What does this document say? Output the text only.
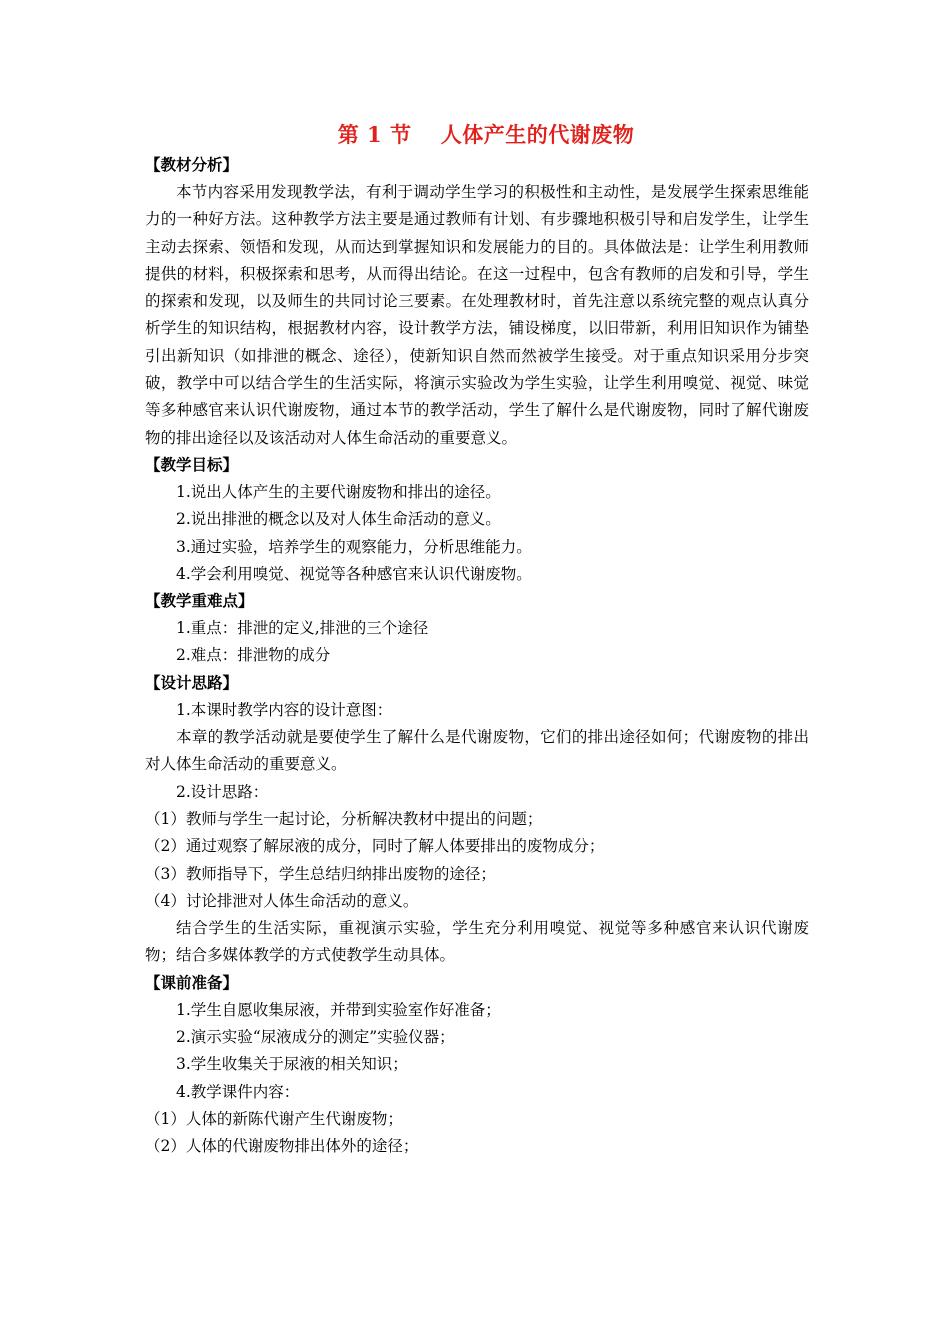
第 1 节　 人体产生的代谢废物

【教材分析】

本节内容采用发现教学法，有利于调动学生学习的积极性和主动性，是发展学生探索思维能力的一种好方法。这种教学方法主要是通过教师有计划、有步骤地积极引导和启发学生，让学生主动去探索、领悟和发现，从而达到掌握知识和发展能力的目的。具体做法是：让学生利用教师提供的材料，积极探索和思考，从而得出结论。在这一过程中，包含有教师的启发和引导，学生的探索和发现，以及师生的共同讨论三要素。在处理教材时，首先注意以系统完整的观点认真分析学生的知识结构，根据教材内容，设计教学方法，铺设梯度，以旧带新，利用旧知识作为铺垫引出新知识（如排泄的概念、途径），使新知识自然而然被学生接受。对于重点知识采用分步突破，教学中可以结合学生的生活实际，将演示实验改为学生实验，让学生利用嗅觉、视觉、味觉等多种感官来认识代谢废物，通过本节的教学活动，学生了解什么是代谢废物，同时了解代谢废物的排出途径以及该活动对人体生命活动的重要意义。

【教学目标】

1.说出人体产生的主要代谢废物和排出的途径。

2.说出排泄的概念以及对人体生命活动的意义。

3.通过实验，培养学生的观察能力，分析思维能力。

4.学会利用嗅觉、视觉等各种感官来认识代谢废物。

【教学重难点】

1.重点：排泄的定义,排泄的三个途径

2.难点：排泄物的成分

【设计思路】

1.本课时教学内容的设计意图：

本章的教学活动就是要使学生了解什么是代谢废物，它们的排出途径如何；代谢废物的排出对人体生命活动的重要意义。

2.设计思路：

（1）教师与学生一起讨论，分析解决教材中提出的问题；

（2）通过观察了解尿液的成分，同时了解人体要排出的废物成分；

（3）教师指导下，学生总结归纳排出废物的途径；

（4）讨论排泄对人体生命活动的意义。

结合学生的生活实际，重视演示实验，学生充分利用嗅觉、视觉等多种感官来认识代谢废物；结合多媒体教学的方式使教学生动具体。

【课前准备】

1.学生自愿收集尿液，并带到实验室作好准备；

2.演示实验“尿液成分的测定”实验仪器；

3.学生收集关于尿液的相关知识；

4.教学课件内容：

（1）人体的新陈代谢产生代谢废物；

（2）人体的代谢废物排出体外的途径；
